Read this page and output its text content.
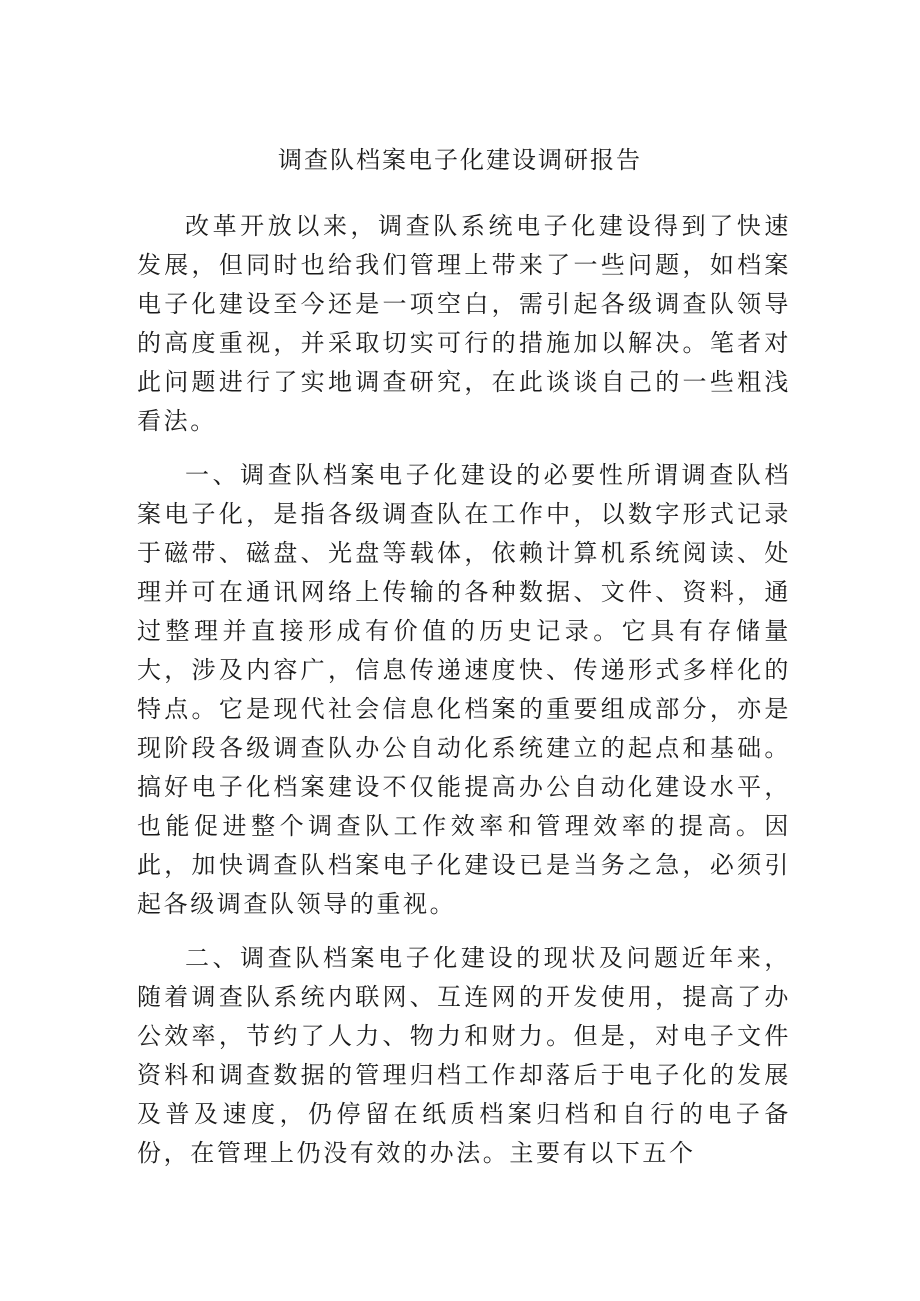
调查队档案电子化建设调研报告

改革开放以来，调查队系统电子化建设得到了快速发展，但同时也给我们管理上带来了一些问题，如档案电子化建设至今还是一项空白，需引起各级调查队领导的高度重视，并采取切实可行的措施加以解决。笔者对此问题进行了实地调查研究，在此谈谈自己的一些粗浅看法。

一、调查队档案电子化建设的必要性所谓调查队档案电子化，是指各级调查队在工作中，以数字形式记录于磁带、磁盘、光盘等载体，依赖计算机系统阅读、处理并可在通讯网络上传输的各种数据、文件、资料，通过整理并直接形成有价值的历史记录。它具有存储量大，涉及内容广，信息传递速度快、传递形式多样化的特点。它是现代社会信息化档案的重要组成部分，亦是现阶段各级调查队办公自动化系统建立的起点和基础。搞好电子化档案建设不仅能提高办公自动化建设水平，也能促进整个调查队工作效率和管理效率的提高。因此，加快调查队档案电子化建设已是当务之急，必须引起各级调查队领导的重视。

二、调查队档案电子化建设的现状及问题近年来，随着调查队系统内联网、互连网的开发使用，提高了办公效率，节约了人力、物力和财力。但是，对电子文件资料和调查数据的管理归档工作却落后于电子化的发展及普及速度，仍停留在纸质档案归档和自行的电子备份，在管理上仍没有效的办法。主要有以下五个
